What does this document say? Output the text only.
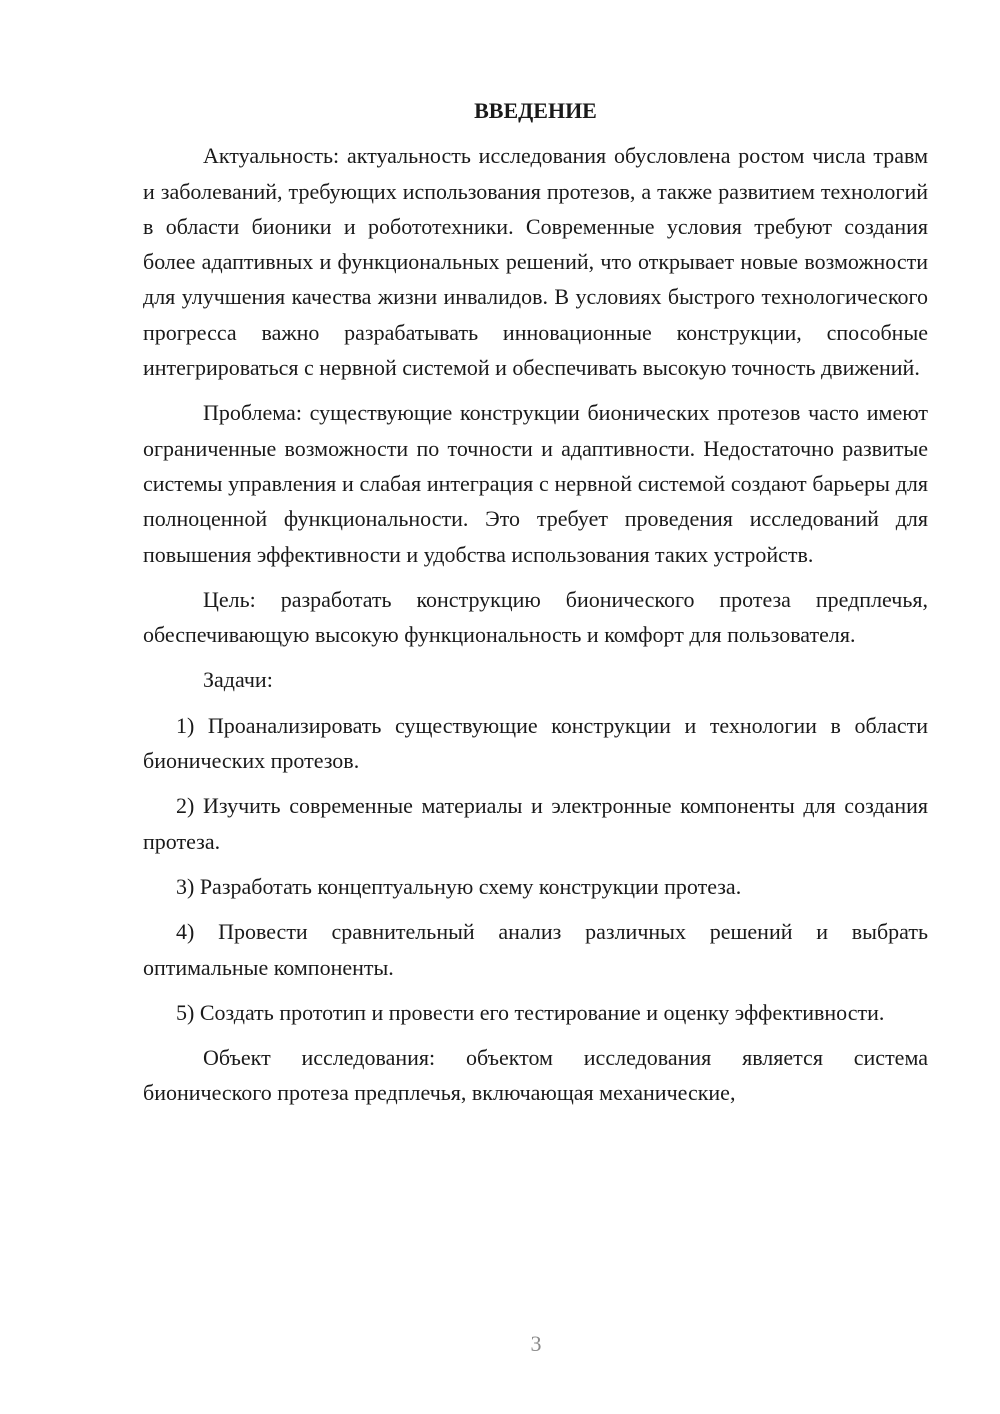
ВВЕДЕНИЕ

Актуальность: актуальность исследования обусловлена ростом числа травм и заболеваний, требующих использования протезов, а также развитием технологий в области бионики и робототехники. Современные условия требуют создания более адаптивных и функциональных решений, что открывает новые возможности для улучшения качества жизни инвалидов. В условиях быстрого технологического прогресса важно разрабатывать инновационные конструкции, способные интегрироваться с нервной системой и обеспечивать высокую точность движений.

Проблема: существующие конструкции бионических протезов часто имеют ограниченные возможности по точности и адаптивности. Недостаточно развитые системы управления и слабая интеграция с нервной системой создают барьеры для полноценной функциональности. Это требует проведения исследований для повышения эффективности и удобства использования таких устройств.

Цель: разработать конструкцию бионического протеза предплечья, обеспечивающую высокую функциональность и комфорт для пользователя.

Задачи:

1) Проанализировать существующие конструкции и технологии в области бионических протезов.

2) Изучить современные материалы и электронные компоненты для создания протеза.

3) Разработать концептуальную схему конструкции протеза.

4) Провести сравнительный анализ различных решений и выбрать оптимальные компоненты.

5) Создать прототип и провести его тестирование и оценку эффективности.

Объект исследования: объектом исследования является система бионического протеза предплечья, включающая механические,

3
